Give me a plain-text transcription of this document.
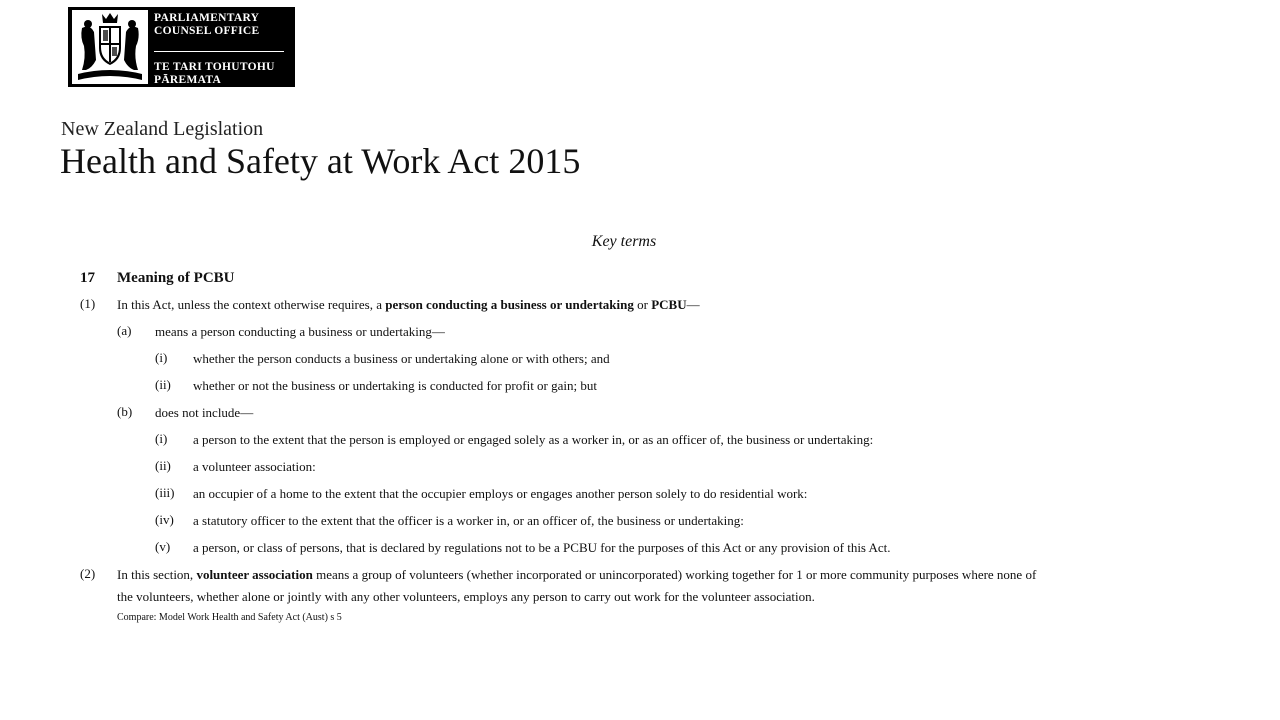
PARLIAMENTARY
COUNSEL OFFICE
TE TARI TOHUTOHU
PĀREMATA
New Zealand Legislation
Health and Safety at Work Act 2015
Key terms
17 Meaning of PCBU
(1) In this Act, unless the context otherwise requires, a person conducting a business or undertaking or PCBU—
(a) means a person conducting a business or undertaking—
(i) whether the person conducts a business or undertaking alone or with others; and
(ii) whether or not the business or undertaking is conducted for profit or gain; but
(b) does not include—
(i) a person to the extent that the person is employed or engaged solely as a worker in, or as an officer of, the business or undertaking:
(ii) a volunteer association:
(iii) an occupier of a home to the extent that the occupier employs or engages another person solely to do residential work:
(iv) a statutory officer to the extent that the officer is a worker in, or an officer of, the business or undertaking:
(v) a person, or class of persons, that is declared by regulations not to be a PCBU for the purposes of this Act or any provision of this Act.
(2) In this section, volunteer association means a group of volunteers (whether incorporated or unincorporated) working together for 1 or more community purposes where none of
the volunteers, whether alone or jointly with any other volunteers, employs any person to carry out work for the volunteer association.
Compare: Model Work Health and Safety Act (Aust) s 5
